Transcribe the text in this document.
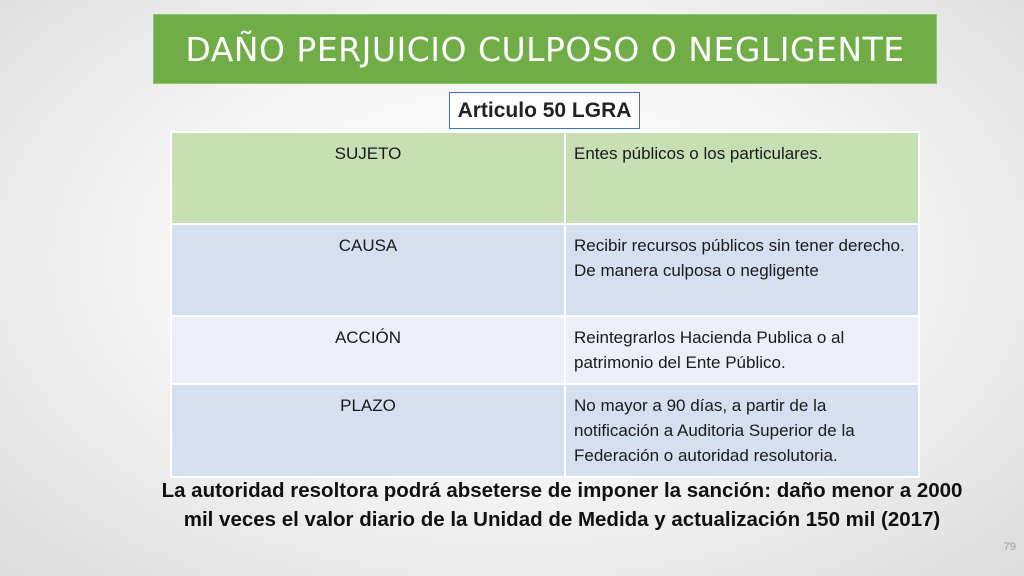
DAÑO PERJUICIO CULPOSO O NEGLIGENTE
Articulo 50 LGRA
SUJETO	Entes públicos o los particulares.
CAUSA	Recibir recursos públicos sin tener derecho. De manera culposa o negligente
ACCIÓN	Reintegrarlos Hacienda Publica o al patrimonio del Ente Público.
PLAZO	No mayor a 90 días, a partir de la notificación a Auditoria Superior de la Federación o autoridad resolutoria.
La autoridad resoltora podrá abseterse de imponer la sanción: daño menor a 2000 mil veces el valor diario de la Unidad de Medida y actualización 150 mil (2017)
79
